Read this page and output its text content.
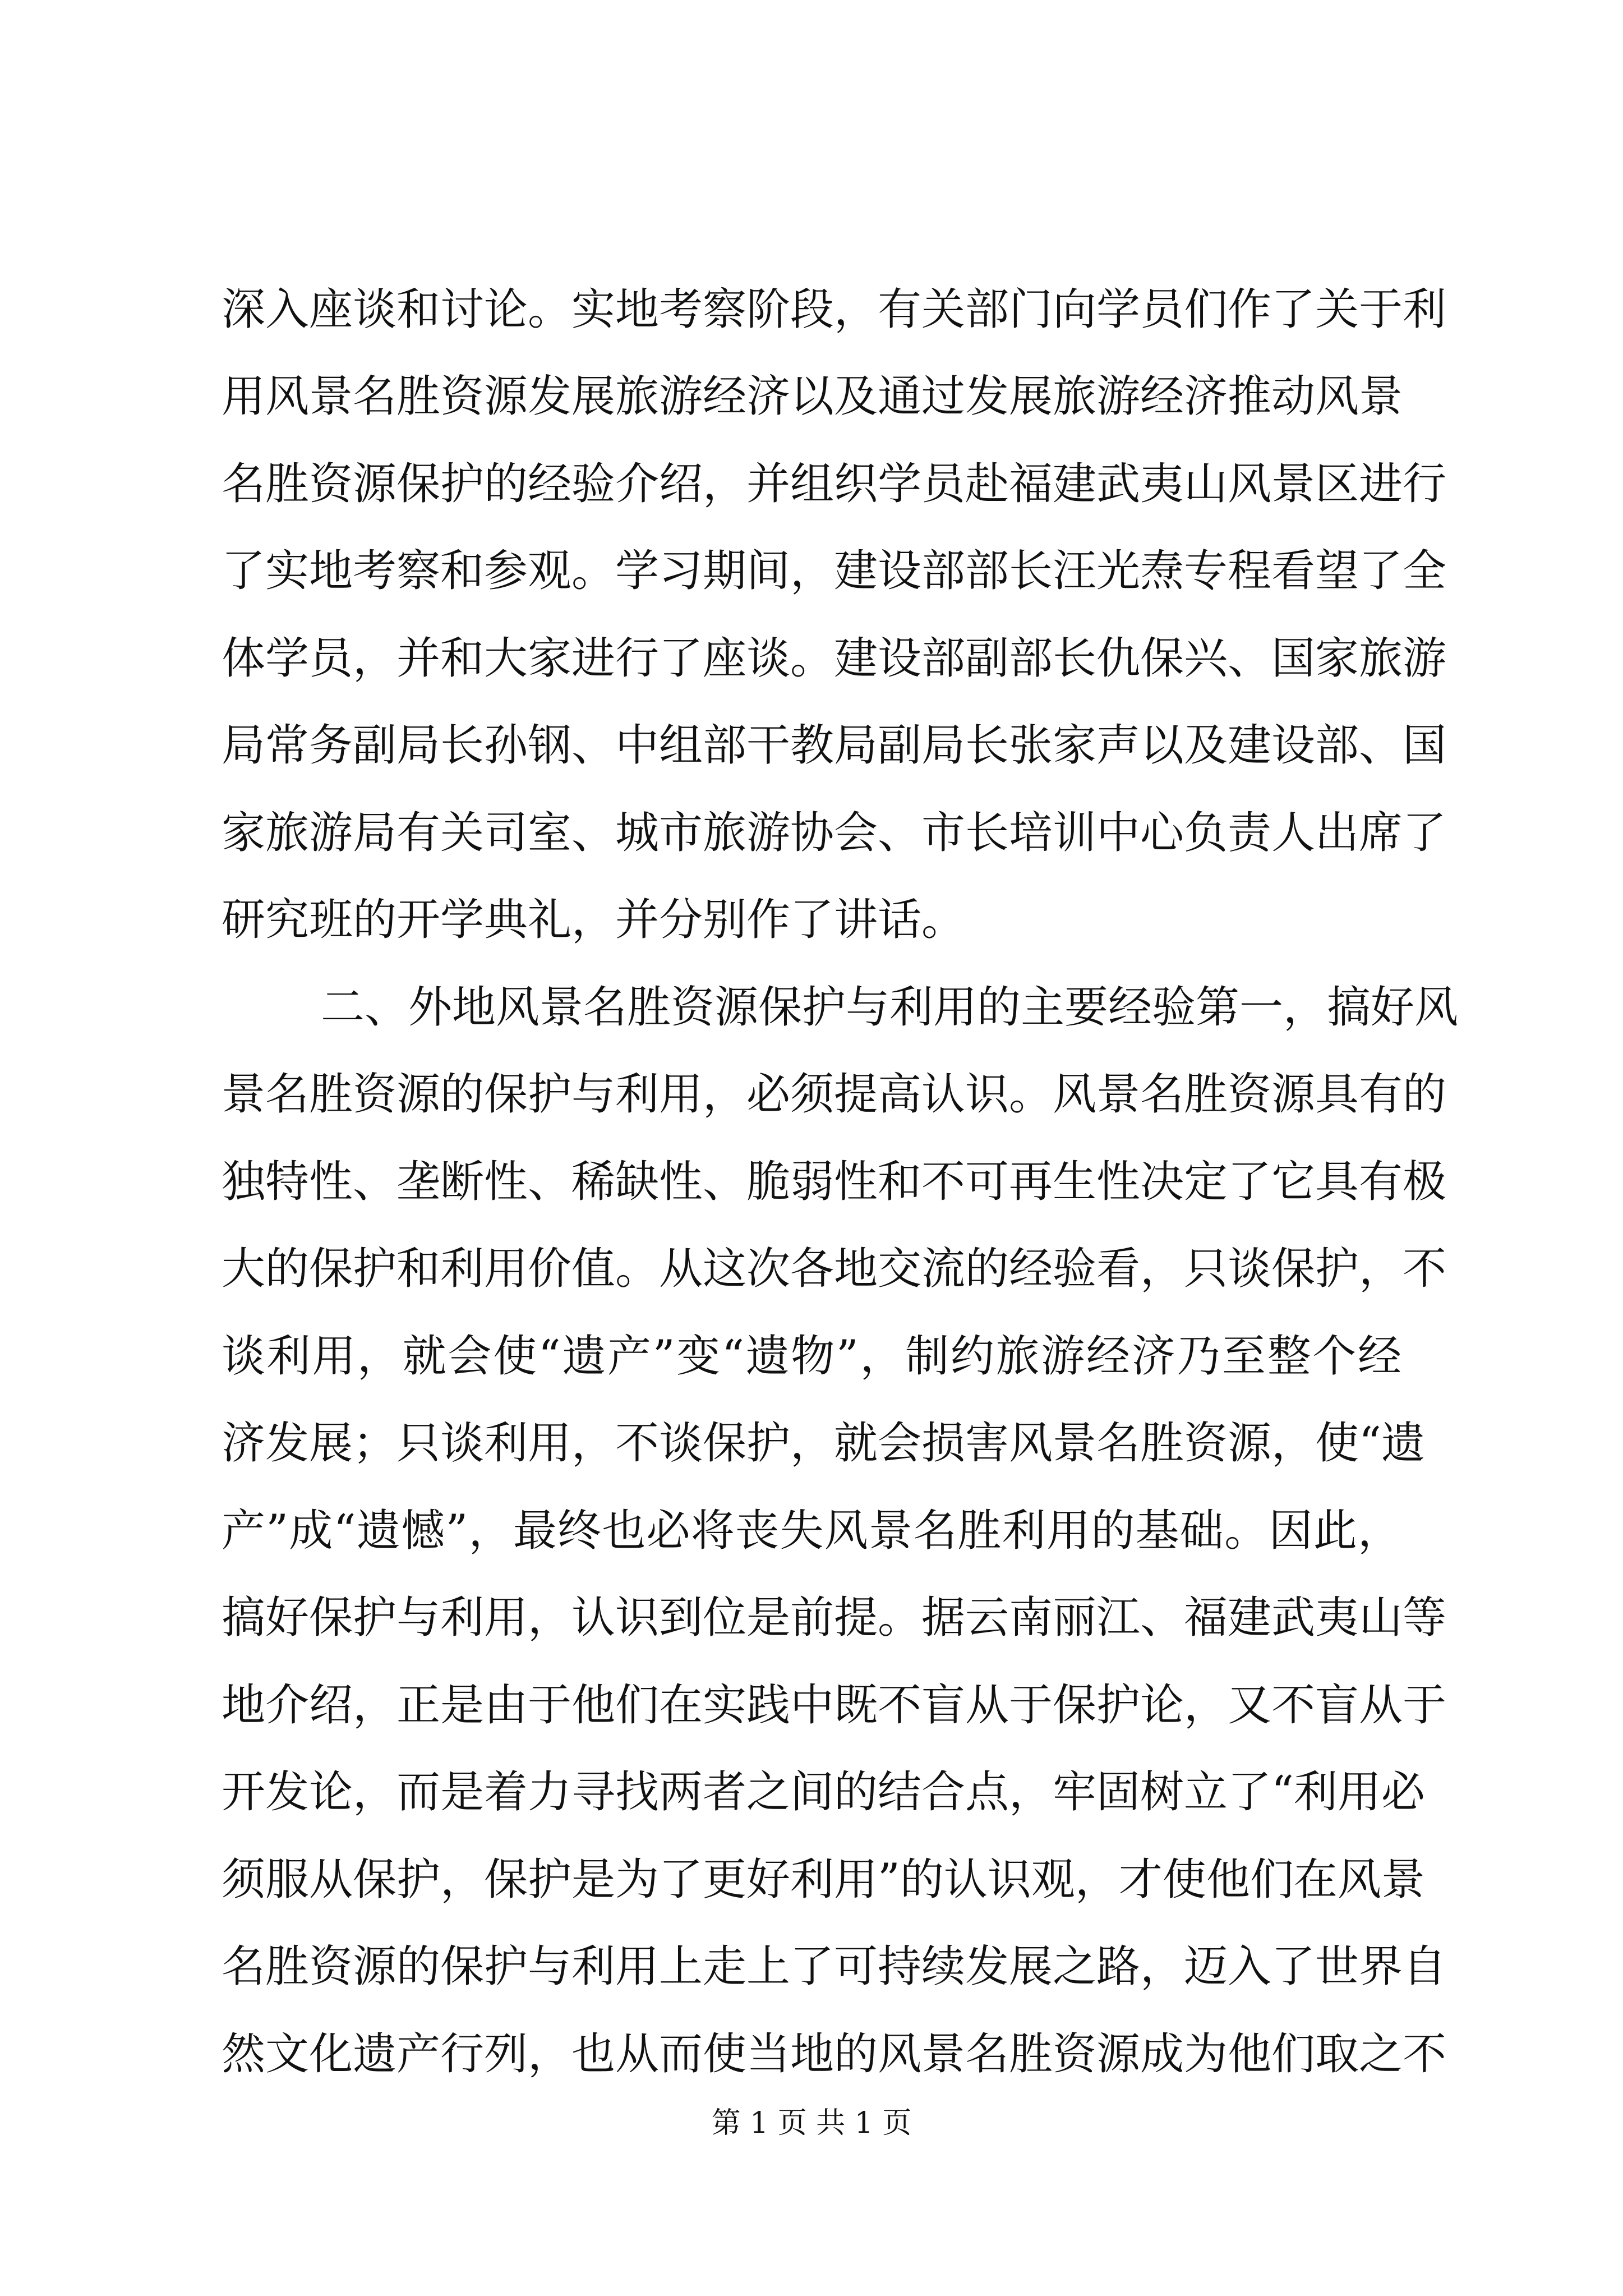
深入座谈和讨论。实地考察阶段，有关部门向学员们作了关于利
用风景名胜资源发展旅游经济以及通过发展旅游经济推动风景
名胜资源保护的经验介绍，并组织学员赴福建武夷山风景区进行
了实地考察和参观。学习期间，建设部部长汪光焘专程看望了全
体学员，并和大家进行了座谈。建设部副部长仇保兴、国家旅游
局常务副局长孙钢、中组部干教局副局长张家声以及建设部、国
家旅游局有关司室、城市旅游协会、市长培训中心负责人出席了
研究班的开学典礼，并分别作了讲话。
二、外地风景名胜资源保护与利用的主要经验第一，搞好风
景名胜资源的保护与利用，必须提高认识。风景名胜资源具有的
独特性、垄断性、稀缺性、脆弱性和不可再生性决定了它具有极
大的保护和利用价值。从这次各地交流的经验看，只谈保护，不
谈利用，就会使“遗产”变“遗物”，制约旅游经济乃至整个经
济发展；只谈利用，不谈保护，就会损害风景名胜资源，使“遗
产”成“遗憾”，最终也必将丧失风景名胜利用的基础。因此，
搞好保护与利用，认识到位是前提。据云南丽江、福建武夷山等
地介绍，正是由于他们在实践中既不盲从于保护论，又不盲从于
开发论，而是着力寻找两者之间的结合点，牢固树立了“利用必
须服从保护，保护是为了更好利用”的认识观，才使他们在风景
名胜资源的保护与利用上走上了可持续发展之路，迈入了世界自
然文化遗产行列，也从而使当地的风景名胜资源成为他们取之不
第 1 页 共 1 页
